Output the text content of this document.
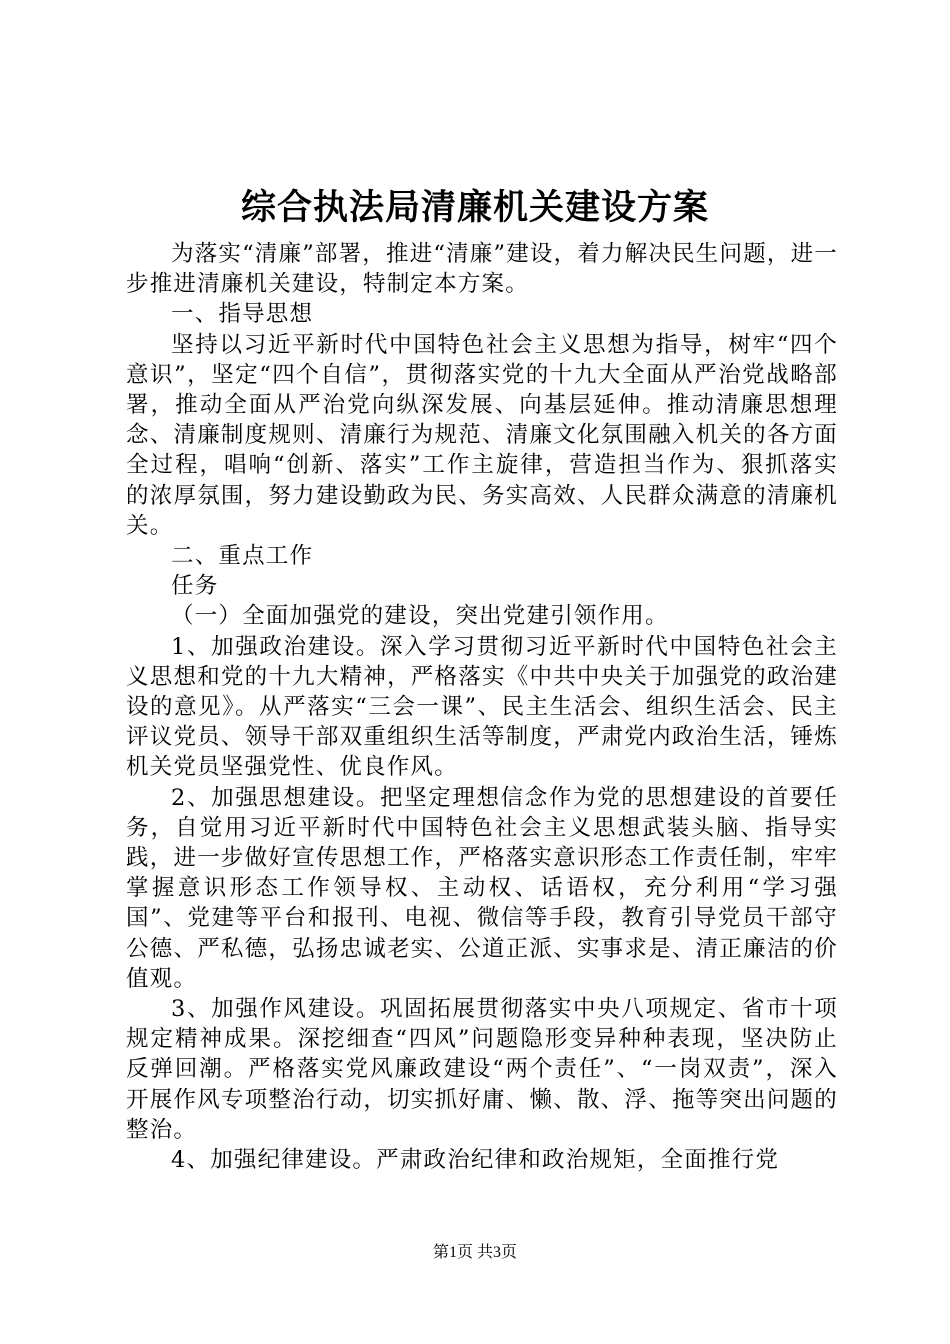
综合执法局清廉机关建设方案

为落实“清廉”部署，推进“清廉”建设，着力解决民生问题，进一步推进清廉机关建设，特制定本方案。

一、指导思想

坚持以习近平新时代中国特色社会主义思想为指导，树牢“四个意识”，坚定“四个自信”，贯彻落实党的十九大全面从严治党战略部署，推动全面从严治党向纵深发展、向基层延伸。推动清廉思想理念、清廉制度规则、清廉行为规范、清廉文化氛围融入机关的各方面全过程，唱响“创新、落实”工作主旋律，营造担当作为、狠抓落实的浓厚氛围，努力建设勤政为民、务实高效、人民群众满意的清廉机关。

二、重点工作

任务

（一）全面加强党的建设，突出党建引领作用。

1、加强政治建设。深入学习贯彻习近平新时代中国特色社会主义思想和党的十九大精神，严格落实《中共中央关于加强党的政治建设的意见》。从严落实“三会一课”、民主生活会、组织生活会、民主评议党员、领导干部双重组织生活等制度，严肃党内政治生活，锤炼机关党员坚强党性、优良作风。

2、加强思想建设。把坚定理想信念作为党的思想建设的首要任务，自觉用习近平新时代中国特色社会主义思想武装头脑、指导实践，进一步做好宣传思想工作，严格落实意识形态工作责任制，牢牢掌握意识形态工作领导权、主动权、话语权，充分利用“学习强国”、党建等平台和报刊、电视、微信等手段，教育引导党员干部守公德、严私德，弘扬忠诚老实、公道正派、实事求是、清正廉洁的价值观。

3、加强作风建设。巩固拓展贯彻落实中央八项规定、省市十项规定精神成果。深挖细查“四风”问题隐形变异种种表现，坚决防止反弹回潮。严格落实党风廉政建设“两个责任”、“一岗双责”，深入开展作风专项整治行动，切实抓好庸、懒、散、浮、拖等突出问题的整治。

4、加强纪律建设。严肃政治纪律和政治规矩，全面推行党

第1页 共3页
